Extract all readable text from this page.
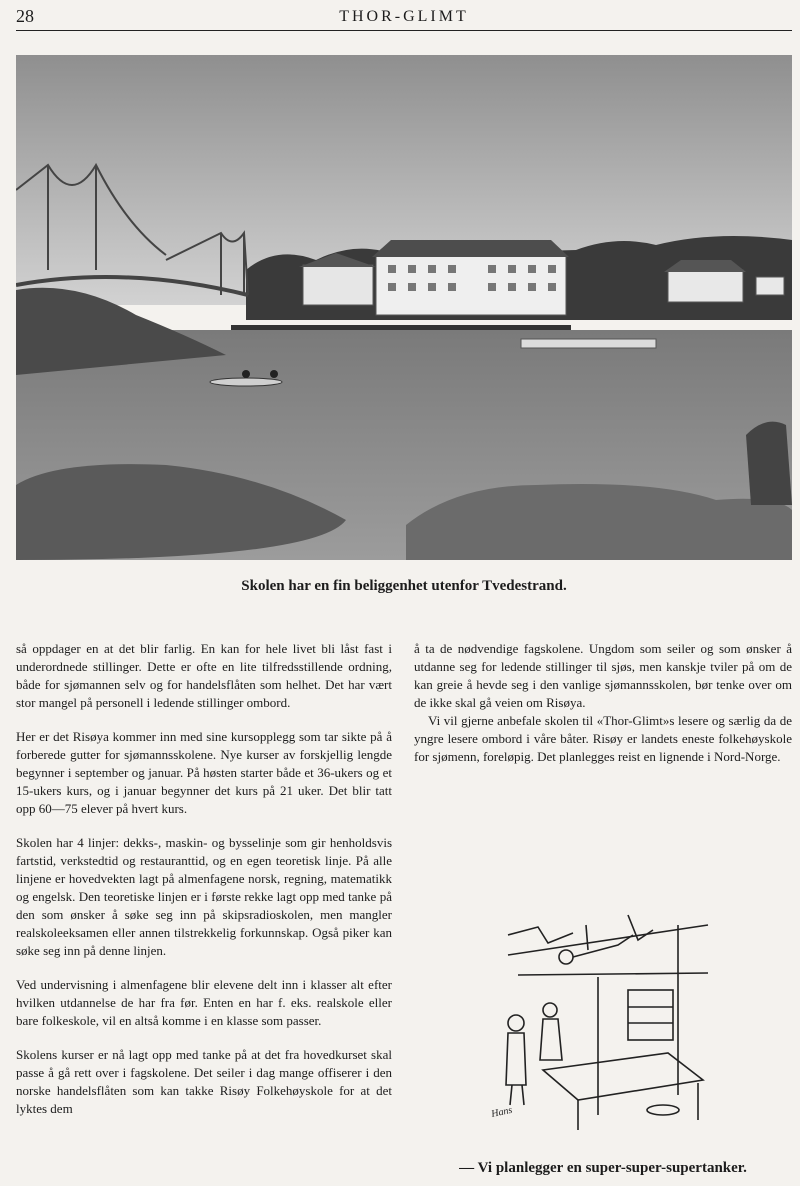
28	THOR-GLIMT
Skolen har en fin beliggenhet utenfor Tvedestrand.

så oppdager en at det blir farlig. En kan for hele livet bli låst fast i underordnede stillinger. Dette er ofte en lite tilfredsstillende ordning, både for sjømannen selv og for handelsflåten som helhet. Det har vært stor mangel på personell i ledende stillinger ombord.

Her er det Risøya kommer inn med sine kursopplegg som tar sikte på å forberede gutter for sjømannsskolene. Nye kurser av forskjellig lengde begynner i september og januar. På høsten starter både et 36-ukers og et 15-ukers kurs, og i januar begynner det kurs på 21 uker. Det blir tatt opp 60—75 elever på hvert kurs.

Skolen har 4 linjer: dekks-, maskin- og bysselinje som gir henholdsvis fartstid, verkstedtid og restauranttid, og en egen teoretisk linje. På alle linjene er hovedvekten lagt på almenfagene norsk, regning, matematikk og engelsk. Den teoretiske linjen er i første rekke lagt opp med tanke på den som ønsker å søke seg inn på skipsradioskolen, men mangler realskoleeksamen eller annen tilstrekkelig forkunnskap. Også piker kan søke seg inn på denne linjen.

Ved undervisning i almenfagene blir elevene delt inn i klasser alt efter hvilken utdannelse de har fra før. Enten en har f. eks. realskole eller bare folkeskole, vil en altså komme i en klasse som passer.

Skolens kurser er nå lagt opp med tanke på at det fra hovedkurset skal passe å gå rett over i fagskolene. Det seiler i dag mange offiserer i den norske handelsflåten som kan takke Risøy Folkehøyskole for at det lyktes dem

å ta de nødvendige fagskolene. Ungdom som seiler og som ønsker å utdanne seg for ledende stillinger til sjøs, men kanskje tviler på om de kan greie å hevde seg i den vanlige sjømannsskolen, bør tenke over om de ikke skal gå veien om Risøya.

Vi vil gjerne anbefale skolen til «Thor-Glimt»s lesere og særlig da de yngre lesere ombord i våre båter. Risøy er landets eneste folkehøyskole for sjømenn, foreløpig. Det planlegges reist en lignende i Nord-Norge.

Hans
— Vi planlegger en super-super-supertanker.
